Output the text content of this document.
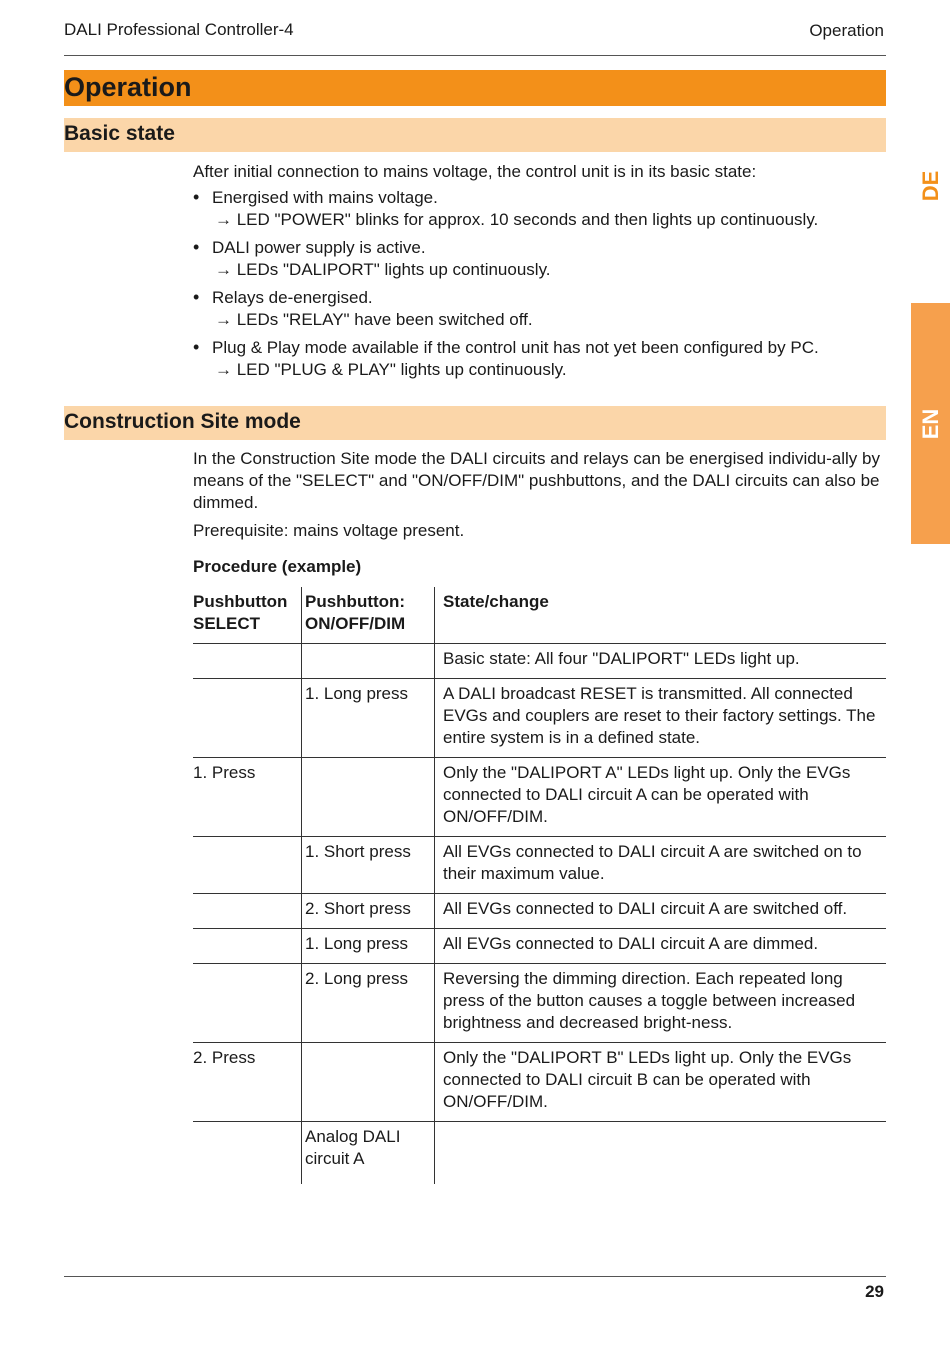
DALI Professional Controller-4	Operation
Operation
Basic state
After initial connection to mains voltage, the control unit is in its basic state:
• Energised with mains voltage.
→ LED "POWER" blinks for approx. 10 seconds and then lights up continuously.
• DALI power supply is active.
→ LEDs "DALIPORT" lights up continuously.
• Relays de-energised.
→ LEDs "RELAY" have been switched off.
• Plug & Play mode available if the control unit has not yet been configured by PC.
→ LED "PLUG & PLAY" lights up continuously.
Construction Site mode
In the Construction Site mode the DALI circuits and relays can be energised individu-ally by means of the "SELECT" and "ON/OFF/DIM" pushbuttons, and the DALI circuits can also be dimmed.
Prerequisite: mains voltage present.
Procedure (example)
Pushbutton SELECT	Pushbutton: ON/OFF/DIM	State/change
		Basic state: All four "DALIPORT" LEDs light up.
	1. Long press	A DALI broadcast RESET is transmitted. All connected EVGs and couplers are reset to their factory settings. The entire system is in a defined state.
1. Press		Only the "DALIPORT A" LEDs light up. Only the EVGs connected to DALI circuit A can be operated with ON/OFF/DIM.
	1. Short press	All EVGs connected to DALI circuit A are switched on to their maximum value.
	2. Short press	All EVGs connected to DALI circuit A are switched off.
	1. Long press	All EVGs connected to DALI circuit A are dimmed.
	2. Long press	Reversing the dimming direction. Each repeated long press of the button causes a toggle between increased brightness and decreased bright-ness.
2. Press		Only the "DALIPORT B" LEDs light up. Only the EVGs connected to DALI circuit B can be operated with ON/OFF/DIM.
	Analog DALI circuit A	
DE
EN
29
